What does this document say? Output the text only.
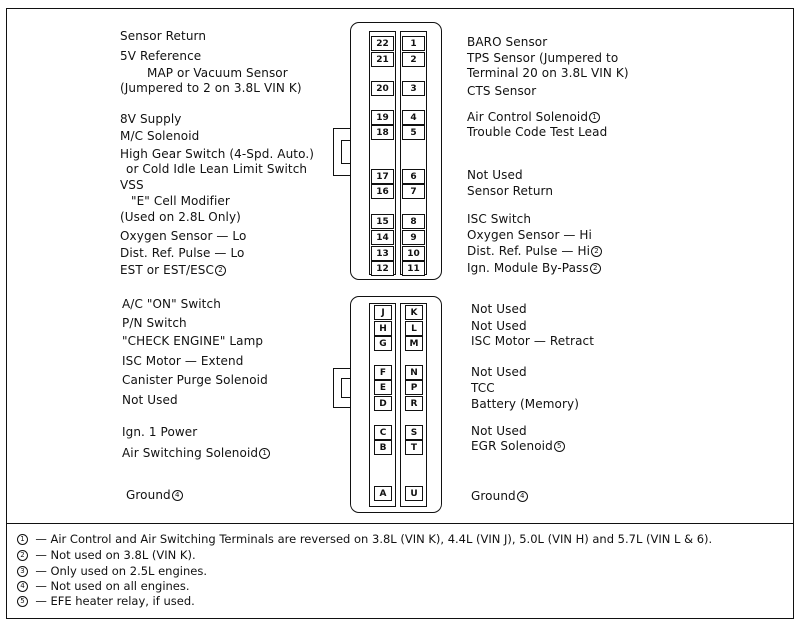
22
21
20
19
18
17
16
15
14
13
12
1
2
3
4
5
6
7
8
9
10
11
Sensor Return
5V Reference
MAP or Vacuum Sensor
(Jumpered to 2 on 3.8L VIN K)
8V Supply
M/C Solenoid
High Gear Switch (4-Spd. Auto.)
or Cold Idle Lean Limit Switch
VSS
"E" Cell Modifier
(Used on 2.8L Only)
Oxygen Sensor — Lo
Dist. Ref. Pulse — Lo
EST or EST/ESC 2
BARO Sensor
TPS Sensor (Jumpered to
Terminal 20 on 3.8L VIN K)
CTS Sensor
Air Control Solenoid 1
Trouble Code Test Lead
Not Used
Sensor Return
ISC Switch
Oxygen Sensor — Hi
Dist. Ref. Pulse — Hi 2
Ign. Module By-Pass 2
J
H
G
F
E
D
C
B
A
K
L
M
N
P
R
S
T
U
A/C "ON" Switch
P/N Switch
"CHECK ENGINE" Lamp
ISC Motor — Extend
Canister Purge Solenoid
Not Used
Ign. 1 Power
Air Switching Solenoid 1
Ground 4
Not Used
Not Used
ISC Motor — Retract
Not Used
TCC
Battery (Memory)
Not Used
EGR Solenoid 5
Ground 4
1 — Air Control and Air Switching Terminals are reversed on 3.8L (VIN K), 4.4L (VIN J), 5.0L (VIN H) and 5.7L (VIN L & 6).
2 — Not used on 3.8L (VIN K).
3 — Only used on 2.5L engines.
4 — Not used on all engines.
5 — EFE heater relay, if used.
